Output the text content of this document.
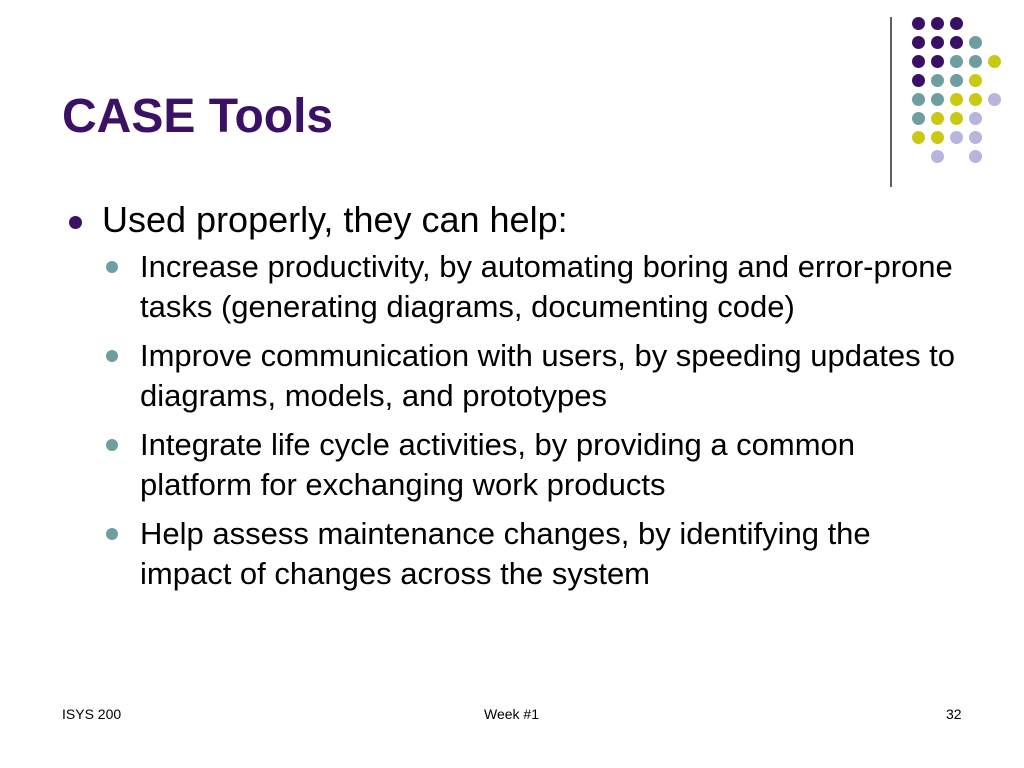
CASE Tools
Used properly, they can help:
Increase productivity, by automating boring and error-prone tasks (generating diagrams, documenting code)
Improve communication with users, by speeding updates to diagrams, models, and prototypes
Integrate life cycle activities, by providing a common platform for exchanging work products
Help assess maintenance changes, by identifying the impact of changes across the system
ISYS 200	Week #1	32
